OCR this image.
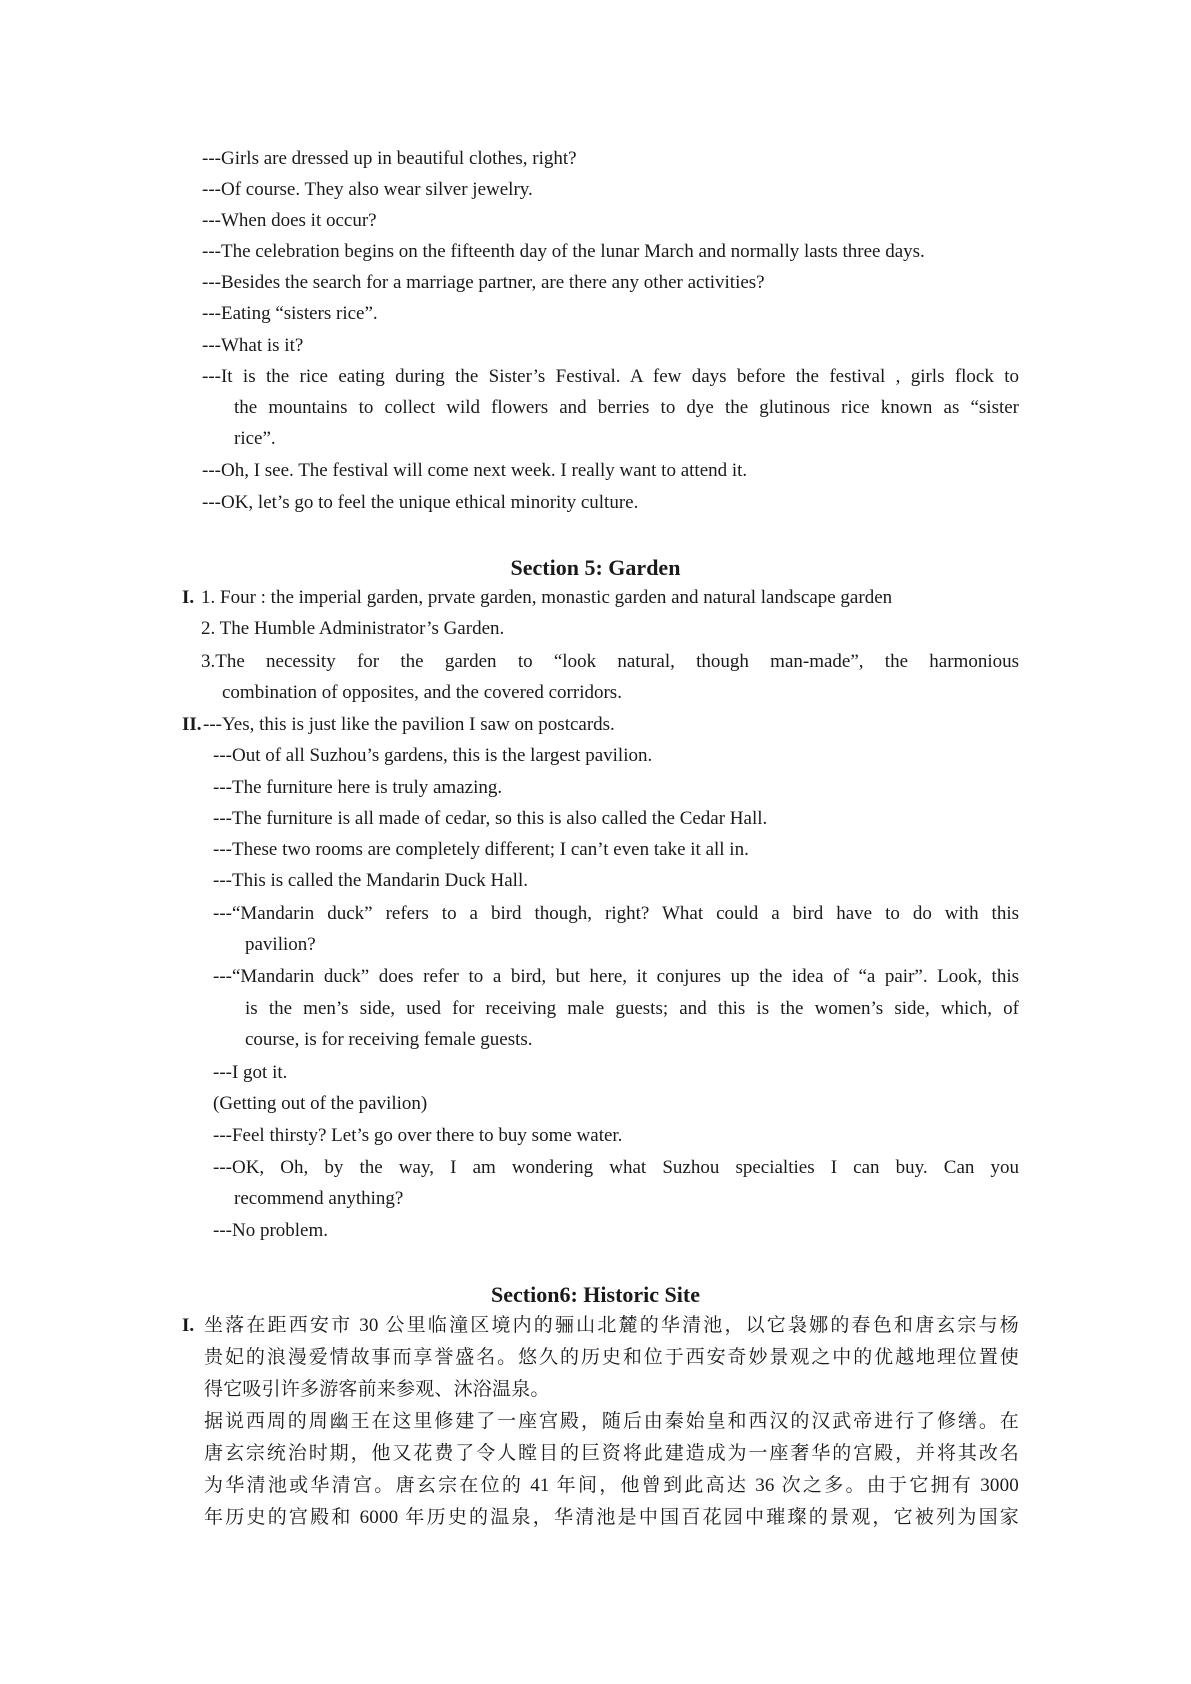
---Girls are dressed up in beautiful clothes, right?
---Of course. They also wear silver jewelry.
---When does it occur?
---The celebration begins on the fifteenth day of the lunar March and normally lasts three days.
---Besides the search for a marriage partner, are there any other activities?
---Eating “sisters rice”.
---What is it?
---It is the rice eating during the Sister’s Festival. A few days before the festival , girls flock to
the mountains to collect wild flowers and berries to dye the glutinous rice known as “sister
rice”.
---Oh, I see. The festival will come next week. I really want to attend it.
---OK, let’s go to feel the unique ethical minority culture.
Section 5: Garden
I. 1. Four : the imperial garden, prvate garden, monastic garden and natural landscape garden
2. The Humble Administrator’s Garden.
3.The necessity for the garden to “look natural, though man-made”, the harmonious
combination of opposites, and the covered corridors.
II. ---Yes, this is just like the pavilion I saw on postcards.
---Out of all Suzhou’s gardens, this is the largest pavilion.
---The furniture here is truly amazing.
---The furniture is all made of cedar, so this is also called the Cedar Hall.
---These two rooms are completely different; I can’t even take it all in.
---This is called the Mandarin Duck Hall.
---“Mandarin duck” refers to a bird though, right? What could a bird have to do with this
pavilion?
---“Mandarin duck” does refer to a bird, but here, it conjures up the idea of “a pair”. Look, this
is the men’s side, used for receiving male guests; and this is the women’s side, which, of
course, is for receiving female guests.
---I got it.
(Getting out of the pavilion)
---Feel thirsty? Let’s go over there to buy some water.
---OK, Oh, by the way, I am wondering what Suzhou specialties I can buy. Can you
recommend anything?
---No problem.
Section6: Historic Site
I. 坐落在距西安市 30 公里临潼区境内的骊山北麓的华清池，以它袅娜的春色和唐玄宗与杨
贵妃的浪漫爱情故事而享誉盛名。悠久的历史和位于西安奇妙景观之中的优越地理位置使
得它吸引许多游客前来参观、沐浴温泉。
据说西周的周幽王在这里修建了一座宫殿，随后由秦始皇和西汉的汉武帝进行了修缮。在
唐玄宗统治时期，他又花费了令人瞠目的巨资将此建造成为一座奢华的宫殿，并将其改名
为华清池或华清宫。唐玄宗在位的 41 年间，他曾到此高达 36 次之多。由于它拥有 3000
年历史的宫殿和 6000 年历史的温泉，华清池是中国百花园中璀璨的景观，它被列为国家
